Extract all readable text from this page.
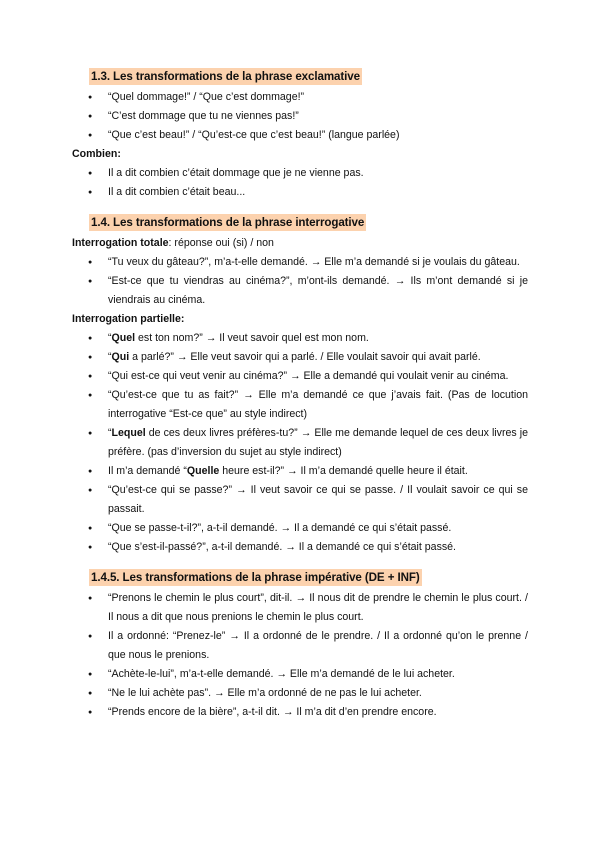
1.3. Les transformations de la phrase exclamative
● “Quel dommage!” / “Que c’est dommage!”
● “C’est dommage que tu ne viennes pas!”
● “Que c’est beau!” / “Qu’est-ce que c’est beau!” (langue parlée)

Combien:

● Il a dit combien c’était dommage que je ne vienne pas.
● Il a dit combien c’était beau...
1.4. Les transformations de la phrase interrogative

Interrogation totale: réponse oui (si) / non

● “Tu veux du gâteau?”, m’a-t-elle demandé. → Elle m’a demandé si je voulais du gâteau.
● “Est-ce que tu viendras au cinéma?”, m’ont-ils demandé. → Ils m’ont demandé si je viendrais au cinéma.

Interrogation partielle:

● “Quel est ton nom?” → Il veut savoir quel est mon nom.
● “Qui a parlé?” → Elle veut savoir qui a parlé. / Elle voulait savoir qui avait parlé.
● “Qui est-ce qui veut venir au cinéma?” → Elle a demandé qui voulait venir au cinéma.
● “Qu’est-ce que tu as fait?” → Elle m’a demandé ce que j’avais fait. (Pas de locution interrogative “Est-ce que” au style indirect)
● “Lequel de ces deux livres préfères-tu?” → Elle me demande lequel de ces deux livres je préfère. (pas d’inversion du sujet au style indirect)
● Il m’a demandé “Quelle heure est-il?” → Il m’a demandé quelle heure il était.
● “Qu’est-ce qui se passe?” → Il veut savoir ce qui se passe. / Il voulait savoir ce qui se passait.
● “Que se passe-t-il?”, a-t-il demandé. → Il a demandé ce qui s’était passé.
● “Que s’est-il-passé?”, a-t-il demandé. → Il a demandé ce qui s’était passé.
1.4.5. Les transformations de la phrase impérative (DE + INF)
● “Prenons le chemin le plus court”, dit-il. → Il nous dit de prendre le chemin le plus court. / Il nous a dit que nous prenions le chemin le plus court.
● Il a ordonné: “Prenez-le” → Il a ordonné de le prendre. / Il a ordonné qu’on le prenne / que nous le prenions.
● “Achète-le-lui”, m’a-t-elle demandé. → Elle m’a demandé de le lui acheter.
● “Ne le lui achète pas”. → Elle m’a ordonné de ne pas le lui acheter.
● “Prends encore de la bière”, a-t-il dit. → Il m’a dit d’en prendre encore.
